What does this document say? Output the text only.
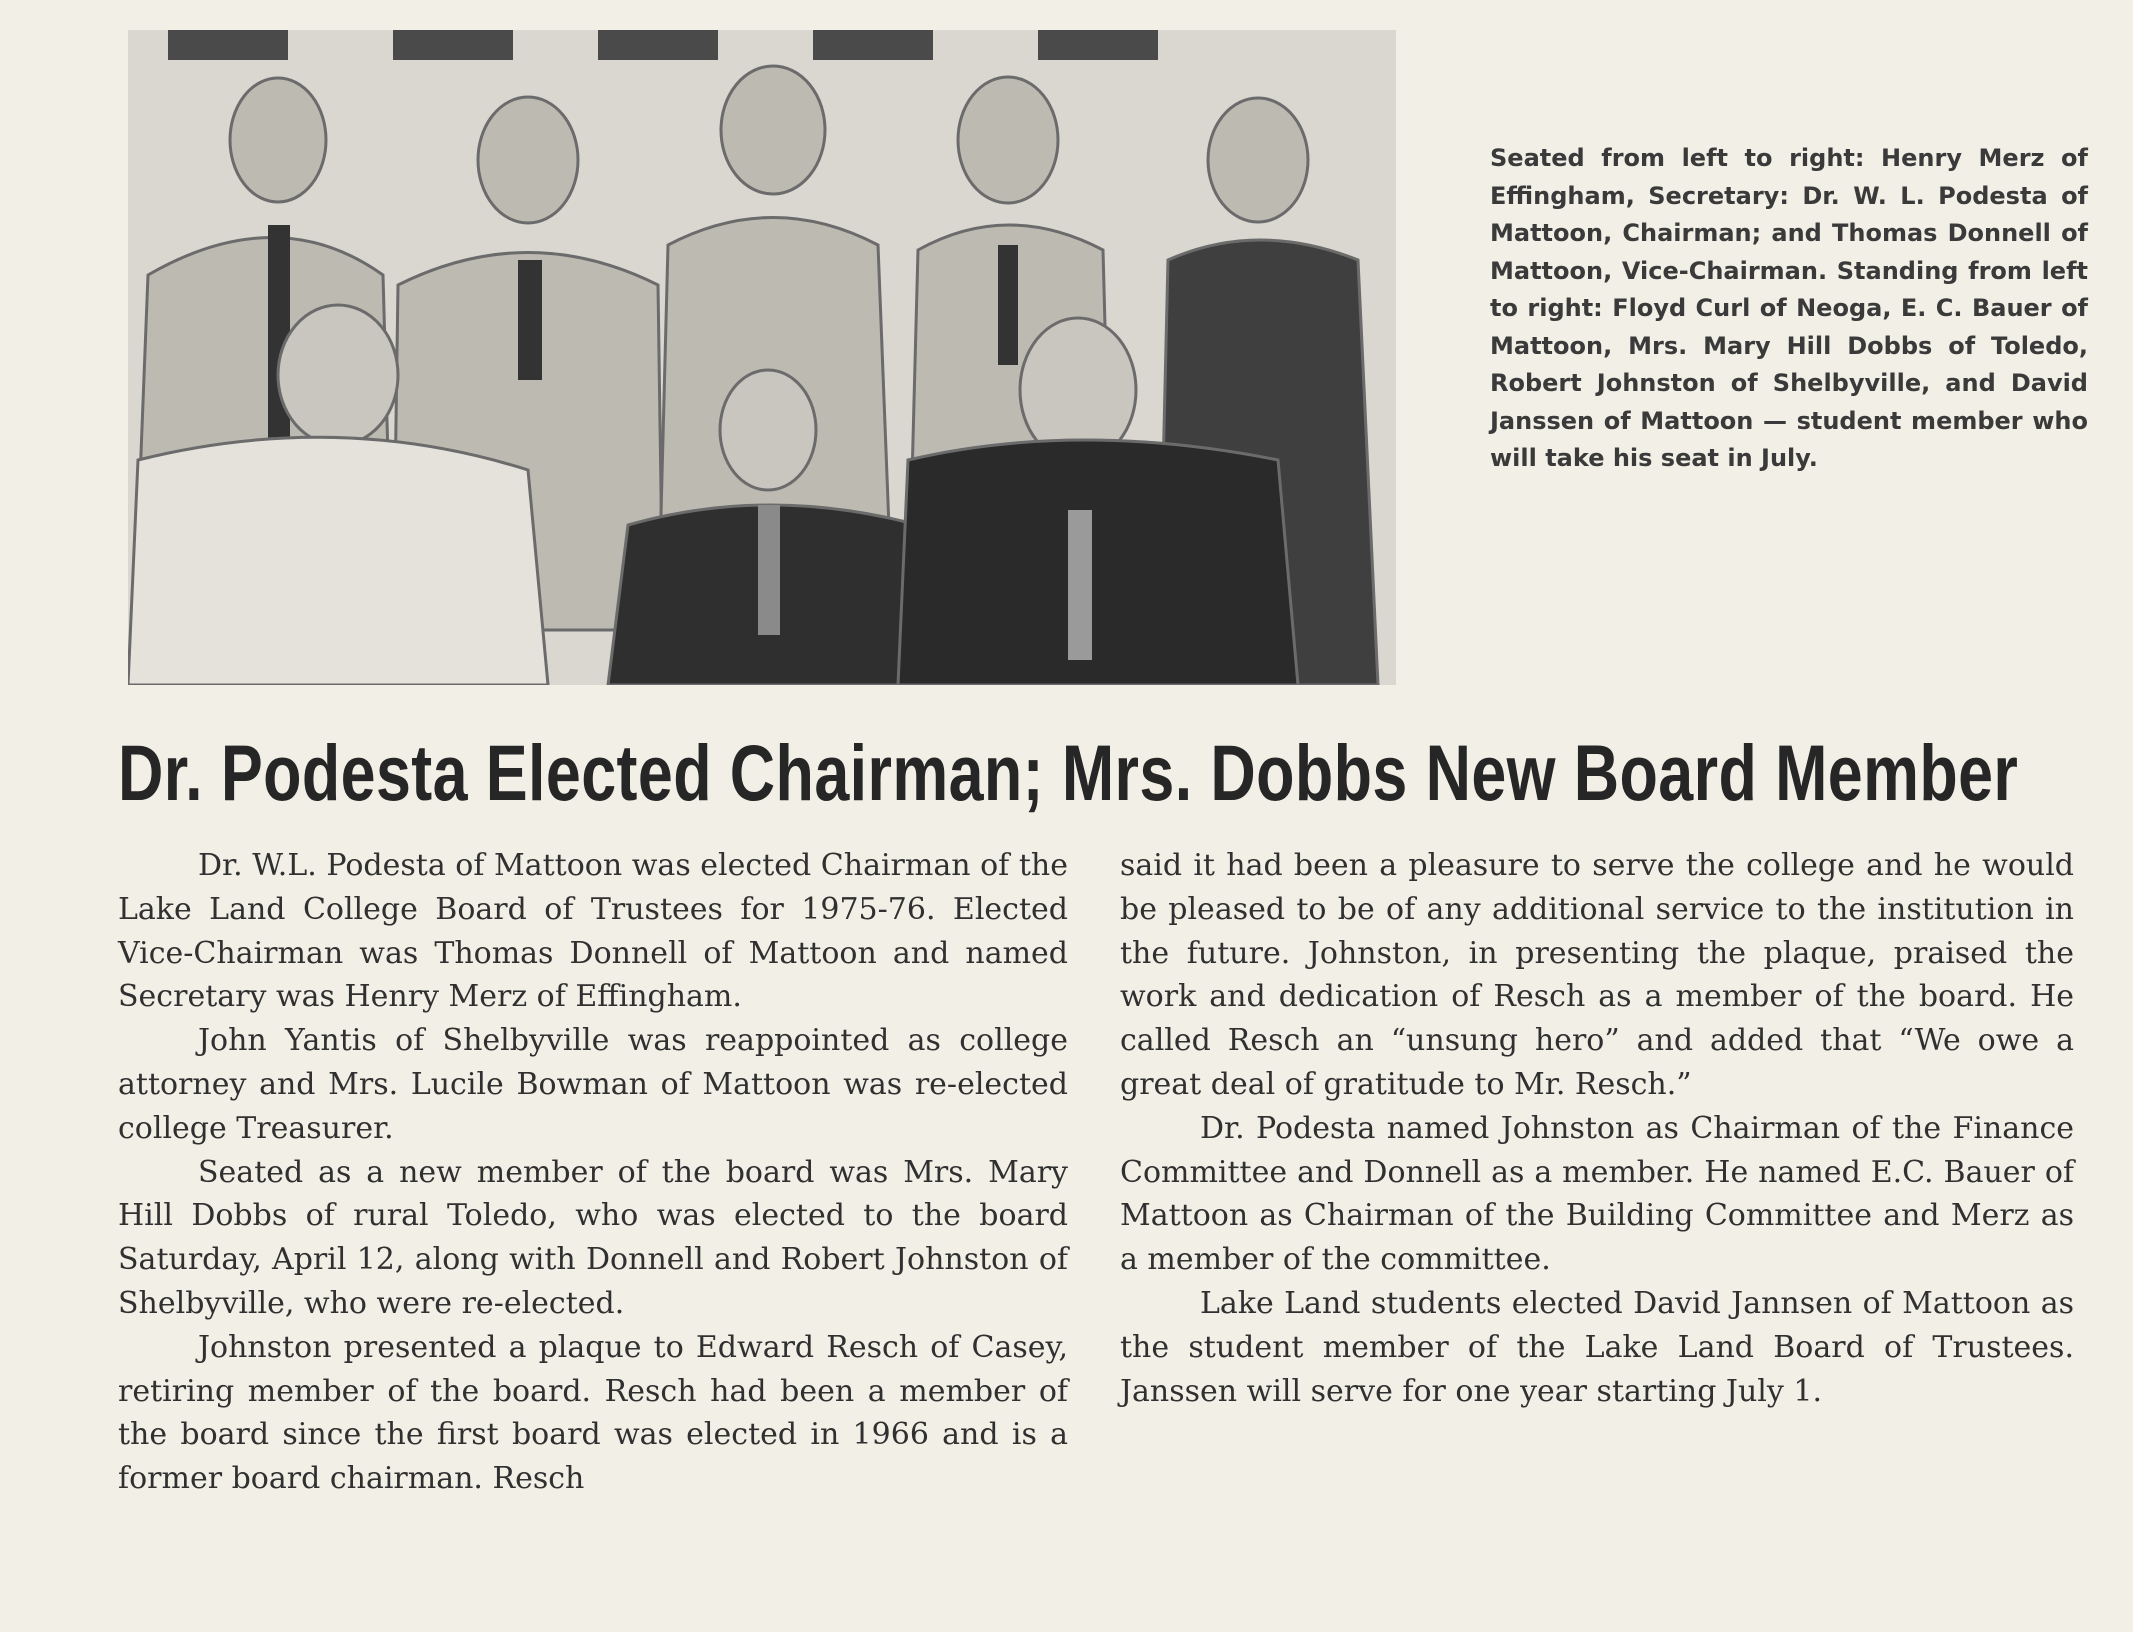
Seated from left to right: Henry Merz of Effingham, Secretary: Dr. W. L. Podesta of Mattoon, Chairman; and Thomas Donnell of Mattoon, Vice-Chairman. Standing from left to right: Floyd Curl of Neoga, E. C. Bauer of Mattoon, Mrs. Mary Hill Dobbs of Toledo, Robert Johnston of Shelbyville, and David Janssen of Mattoon — student member who will take his seat in July.

Dr. Podesta Elected Chairman; Mrs. Dobbs New Board Member

Dr. W.L. Podesta of Mattoon was elected Chairman of the Lake Land College Board of Trustees for 1975-76. Elected Vice-Chairman was Thomas Donnell of Mattoon and named Secretary was Henry Merz of Effingham.

John Yantis of Shelbyville was reappointed as college attorney and Mrs. Lucile Bowman of Mattoon was re-elected college Treasurer.

Seated as a new member of the board was Mrs. Mary Hill Dobbs of rural Toledo, who was elected to the board Saturday, April 12, along with Donnell and Robert Johnston of Shelbyville, who were re-elected.

Johnston presented a plaque to Edward Resch of Casey, retiring member of the board. Resch had been a member of the board since the first board was elected in 1966 and is a former board chairman. Resch

said it had been a pleasure to serve the college and he would be pleased to be of any additional service to the institution in the future. Johnston, in presenting the plaque, praised the work and dedication of Resch as a member of the board. He called Resch an “unsung hero” and added that “We owe a great deal of gratitude to Mr. Resch.”

Dr. Podesta named Johnston as Chairman of the Finance Committee and Donnell as a member. He named E.C. Bauer of Mattoon as Chairman of the Building Committee and Merz as a member of the committee.

Lake Land students elected David Jannsen of Mattoon as the student member of the Lake Land Board of Trustees. Janssen will serve for one year starting July 1.
